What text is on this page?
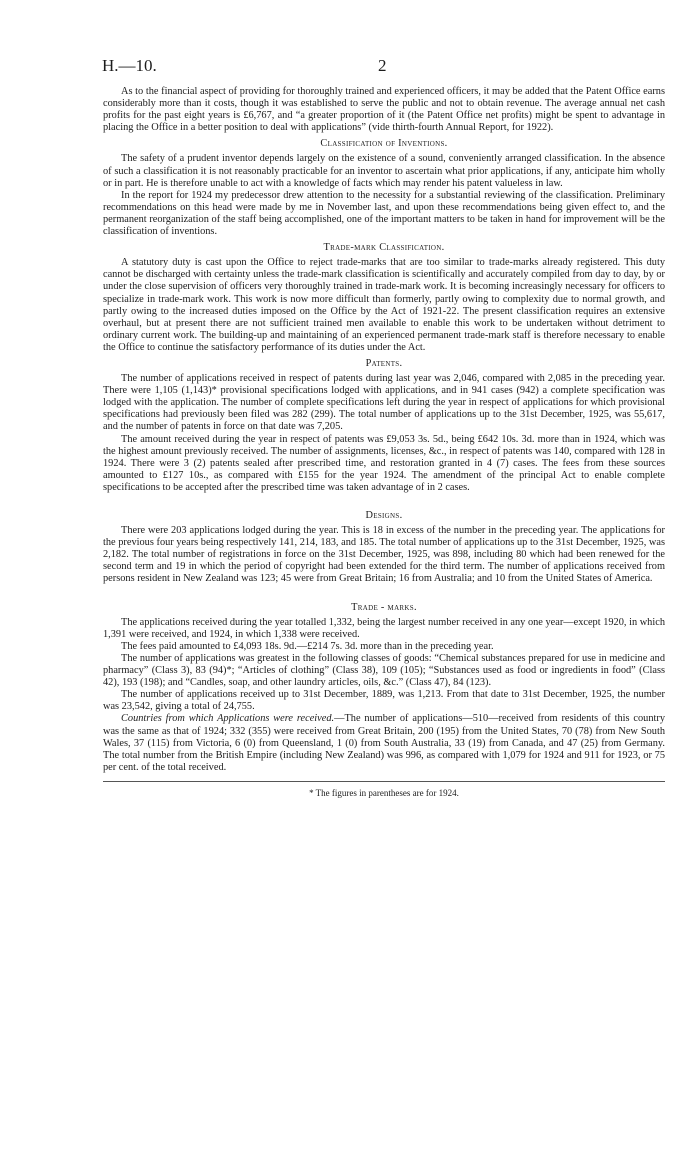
H.—10.	2

As to the financial aspect of providing for thoroughly trained and experienced officers, it may be added that the Patent Office earns considerably more than it costs, though it was established to serve the public and not to obtain revenue. The average annual net cash profits for the past eight years is £6,767, and “a greater proportion of it (the Patent Office net profits) might be spent to advantage in placing the Office in a better position to deal with applications” (vide thirth-fourth Annual Report, for 1922).

Classification of Inventions.

The safety of a prudent inventor depends largely on the existence of a sound, conveniently arranged classification. In the absence of such a classification it is not reasonably practicable for an inventor to ascertain what prior applications, if any, anticipate him wholly or in part. He is therefore unable to act with a knowledge of facts which may render his patent valueless in law.

In the report for 1924 my predecessor drew attention to the necessity for a substantial reviewing of the classification. Preliminary recommendations on this head were made by me in November last, and upon these recommendations being given effect to, and the permanent reorganization of the staff being accomplished, one of the important matters to be taken in hand for improvement will be the classification of inventions.

Trade-mark Classification.

A statutory duty is cast upon the Office to reject trade-marks that are too similar to trade-marks already registered. This duty cannot be discharged with certainty unless the trade-mark classification is scientifically and accurately compiled from day to day, by or under the close supervision of officers very thoroughly trained in trade-mark work. It is becoming increasingly necessary for officers to specialize in trade-mark work. This work is now more difficult than formerly, partly owing to complexity due to normal growth, and partly owing to the increased duties imposed on the Office by the Act of 1921-22. The present classification requires an extensive overhaul, but at present there are not sufficient trained men available to enable this work to be undertaken without detriment to ordinary current work. The building-up and maintaining of an experienced permanent trade-mark staff is therefore necessary to enable the Office to continue the satisfactory performance of its duties under the Act.

Patents.

The number of applications received in respect of patents during last year was 2,046, compared with 2,085 in the preceding year. There were 1,105 (1,143)* provisional specifications lodged with applications, and in 941 cases (942) a complete specification was lodged with the application. The number of complete specifications left during the year in respect of applications for which provisional specifications had previously been filed was 282 (299). The total number of applications up to the 31st December, 1925, was 55,617, and the number of patents in force on that date was 7,205.

The amount received during the year in respect of patents was £9,053 3s. 5d., being £642 10s. 3d. more than in 1924, which was the highest amount previously received. The number of assignments, licenses, &c., in respect of patents was 140, compared with 128 in 1924. There were 3 (2) patents sealed after prescribed time, and restoration granted in 4 (7) cases. The fees from these sources amounted to £127 10s., as compared with £155 for the year 1924. The amendment of the principal Act to enable complete specifications to be accepted after the prescribed time was taken advantage of in 2 cases.

Designs.

There were 203 applications lodged during the year. This is 18 in excess of the number in the preceding year. The applications for the previous four years being respectively 141, 214, 183, and 185. The total number of applications up to the 31st December, 1925, was 2,182. The total number of registrations in force on the 31st December, 1925, was 898, including 80 which had been renewed for the second term and 19 in which the period of copyright had been extended for the third term. The number of applications received from persons resident in New Zealand was 123; 45 were from Great Britain; 16 from Australia; and 10 from the United States of America.

Trade - marks.

The applications received during the year totalled 1,332, being the largest number received in any one year—except 1920, in which 1,391 were received, and 1924, in which 1,338 were received.

The fees paid amounted to £4,093 18s. 9d.—£214 7s. 3d. more than in the preceding year.

The number of applications was greatest in the following classes of goods: “Chemical substances prepared for use in medicine and pharmacy” (Class 3), 83 (94)*; “Articles of clothing” (Class 38), 109 (105); “Substances used as food or ingredients in food” (Class 42), 193 (198); and “Candles, soap, and other laundry articles, oils, &c.” (Class 47), 84 (123).

The number of applications received up to 31st December, 1889, was 1,213. From that date to 31st December, 1925, the number was 23,542, giving a total of 24,755.

Countries from which Applications were received.—The number of applications—510—received from residents of this country was the same as that of 1924; 332 (355) were received from Great Britain, 200 (195) from the United States, 70 (78) from New South Wales, 37 (115) from Victoria, 6 (0) from Queensland, 1 (0) from South Australia, 33 (19) from Canada, and 47 (25) from Germany. The total number from the British Empire (including New Zealand) was 996, as compared with 1,079 for 1924 and 911 for 1923, or 75 per cent. of the total received.

* The figures in parentheses are for 1924.
